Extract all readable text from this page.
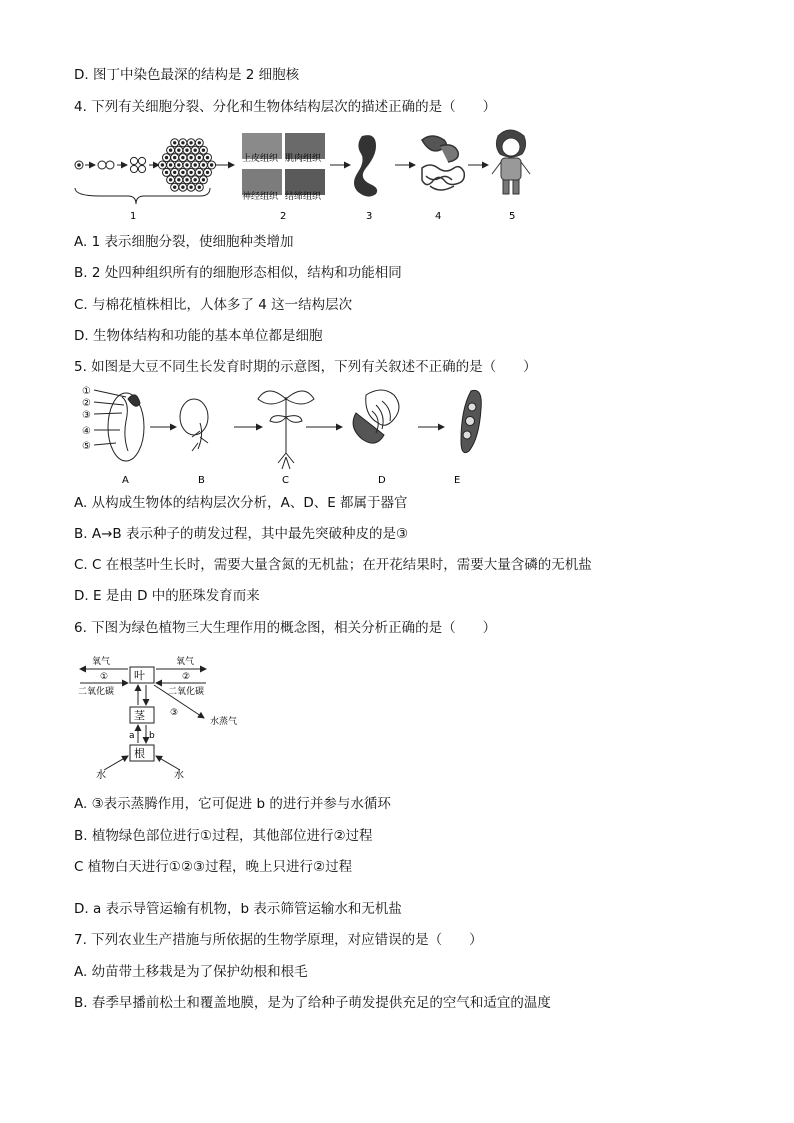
D. 图丁中染色最深的结构是 2 细胞核
4. 下列有关细胞分裂、分化和生物体结构层次的描述正确的是（　　）
1
上皮组织 肌肉组织
神经组织 结缔组织
2	3	4	5
A. 1 表示细胞分裂，使细胞种类增加
B. 2 处四种组织所有的细胞形态相似，结构和功能相同
C. 与棉花植株相比，人体多了 4 这一结构层次
D. 生物体结构和功能的基本单位都是细胞
5. 如图是大豆不同生长发育时期的示意图，下列有关叙述不正确的是（　　）
①
②
③
④
⑤
A	B	C	D	E
A. 从构成生物体的结构层次分析，A、D、E 都属于器官
B. A→B 表示种子的萌发过程，其中最先突破种皮的是③
C. C 在根茎叶生长时，需要大量含氮的无机盐；在开花结果时，需要大量含磷的无机盐
D. E 是由 D 中的胚珠发育而来
6. 下图为绿色植物三大生理作用的概念图，相关分析正确的是（　　）
叶
茎
根
氧气	氧气
①	②
二氧化碳	二氧化碳
③
水蒸气
a b
水	水
A. ③表示蒸腾作用，它可促进 b 的进行并参与水循环
B. 植物绿色部位进行①过程，其他部位进行②过程
C 植物白天进行①②③过程，晚上只进行②过程
D. a 表示导管运输有机物，b 表示筛管运输水和无机盐
7. 下列农业生产措施与所依据的生物学原理，对应错误的是（　　）
A. 幼苗带土移栽是为了保护幼根和根毛
B. 春季早播前松土和覆盖地膜，是为了给种子萌发提供充足的空气和适宜的温度
